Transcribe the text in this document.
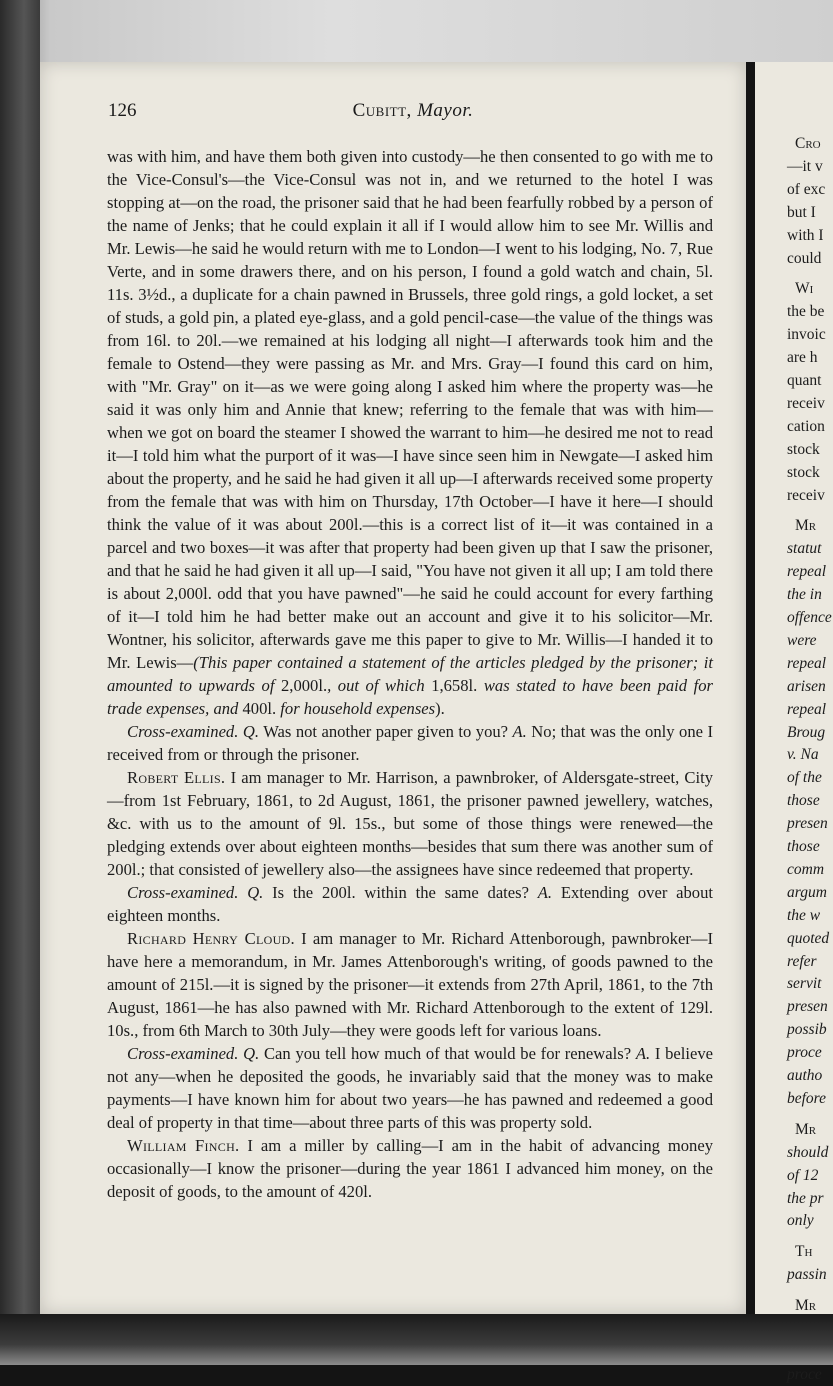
126	Cubitt, Mayor.

was with him, and have them both given into custody—he then consented to go with me to the Vice-Consul's—the Vice-Consul was not in, and we returned to the hotel I was stopping at—on the road, the prisoner said that he had been fearfully robbed by a person of the name of Jenks; that he could explain it all if I would allow him to see Mr. Willis and Mr. Lewis—he said he would return with me to London—I went to his lodging, No. 7, Rue Verte, and in some drawers there, and on his person, I found a gold watch and chain, 5l. 11s. 3½d., a duplicate for a chain pawned in Brussels, three gold rings, a gold locket, a set of studs, a gold pin, a plated eye-glass, and a gold pencil-case—the value of the things was from 16l. to 20l.—we remained at his lodging all night—I afterwards took him and the female to Ostend—they were passing as Mr. and Mrs. Gray—I found this card on him, with "Mr. Gray" on it—as we were going along I asked him where the property was—he said it was only him and Annie that knew; referring to the female that was with him—when we got on board the steamer I showed the warrant to him—he desired me not to read it—I told him what the purport of it was—I have since seen him in Newgate—I asked him about the property, and he said he had given it all up—I afterwards received some property from the female that was with him on Thursday, 17th October—I have it here—I should think the value of it was about 200l.—this is a correct list of it—it was contained in a parcel and two boxes—it was after that property had been given up that I saw the prisoner, and that he said he had given it all up—I said, "You have not given it all up; I am told there is about 2,000l. odd that you have pawned"—he said he could account for every farthing of it—I told him he had better make out an account and give it to his solicitor—Mr. Wontner, his solicitor, afterwards gave me this paper to give to Mr. Willis—I handed it to Mr. Lewis—(This paper contained a statement of the articles pledged by the prisoner; it amounted to upwards of 2,000l., out of which 1,658l. was stated to have been paid for trade expenses, and 400l. for household expenses).

Cross-examined. Q. Was not another paper given to you? A. No; that was the only one I received from or through the prisoner.

Robert Ellis. I am manager to Mr. Harrison, a pawnbroker, of Aldersgate-street, City—from 1st February, 1861, to 2d August, 1861, the prisoner pawned jewellery, watches, &c. with us to the amount of 9l. 15s., but some of those things were renewed—the pledging extends over about eighteen months—besides that sum there was another sum of 200l.; that consisted of jewellery also—the assignees have since redeemed that property.

Cross-examined. Q. Is the 200l. within the same dates? A. Extending over about eighteen months.

Richard Henry Cloud. I am manager to Mr. Richard Attenborough, pawnbroker—I have here a memorandum, in Mr. James Attenborough's writing, of goods pawned to the amount of 215l.—it is signed by the prisoner—it extends from 27th April, 1861, to the 7th August, 1861—he has also pawned with Mr. Richard Attenborough to the extent of 129l. 10s., from 6th March to 30th July—they were goods left for various loans.

Cross-examined. Q. Can you tell how much of that would be for renewals? A. I believe not any—when he deposited the goods, he invariably said that the money was to make payments—I have known him for about two years—he has pawned and redeemed a good deal of property in that time—about three parts of this was property sold.

William Finch. I am a miller by calling—I am in the habit of advancing money occasionally—I know the prisoner—during the year 1861 I advanced him money, on the deposit of goods, to the amount of 420l.

Cro
—it v
of exc
but I
with I
could
Wi
the be
invoic
are h
quant
receiv
cation
stock
stock
receiv
Mr
statut
repeal
the in
offence
were
repeal
arisen
repeal
Broug
v. Na
of the
those
presen
those
comm
argum
the w
quoted
refer
servit
presen
possib
proce
autho
before
Mr
should
of 12
the pr
only
Th
passin
Mr
proce
